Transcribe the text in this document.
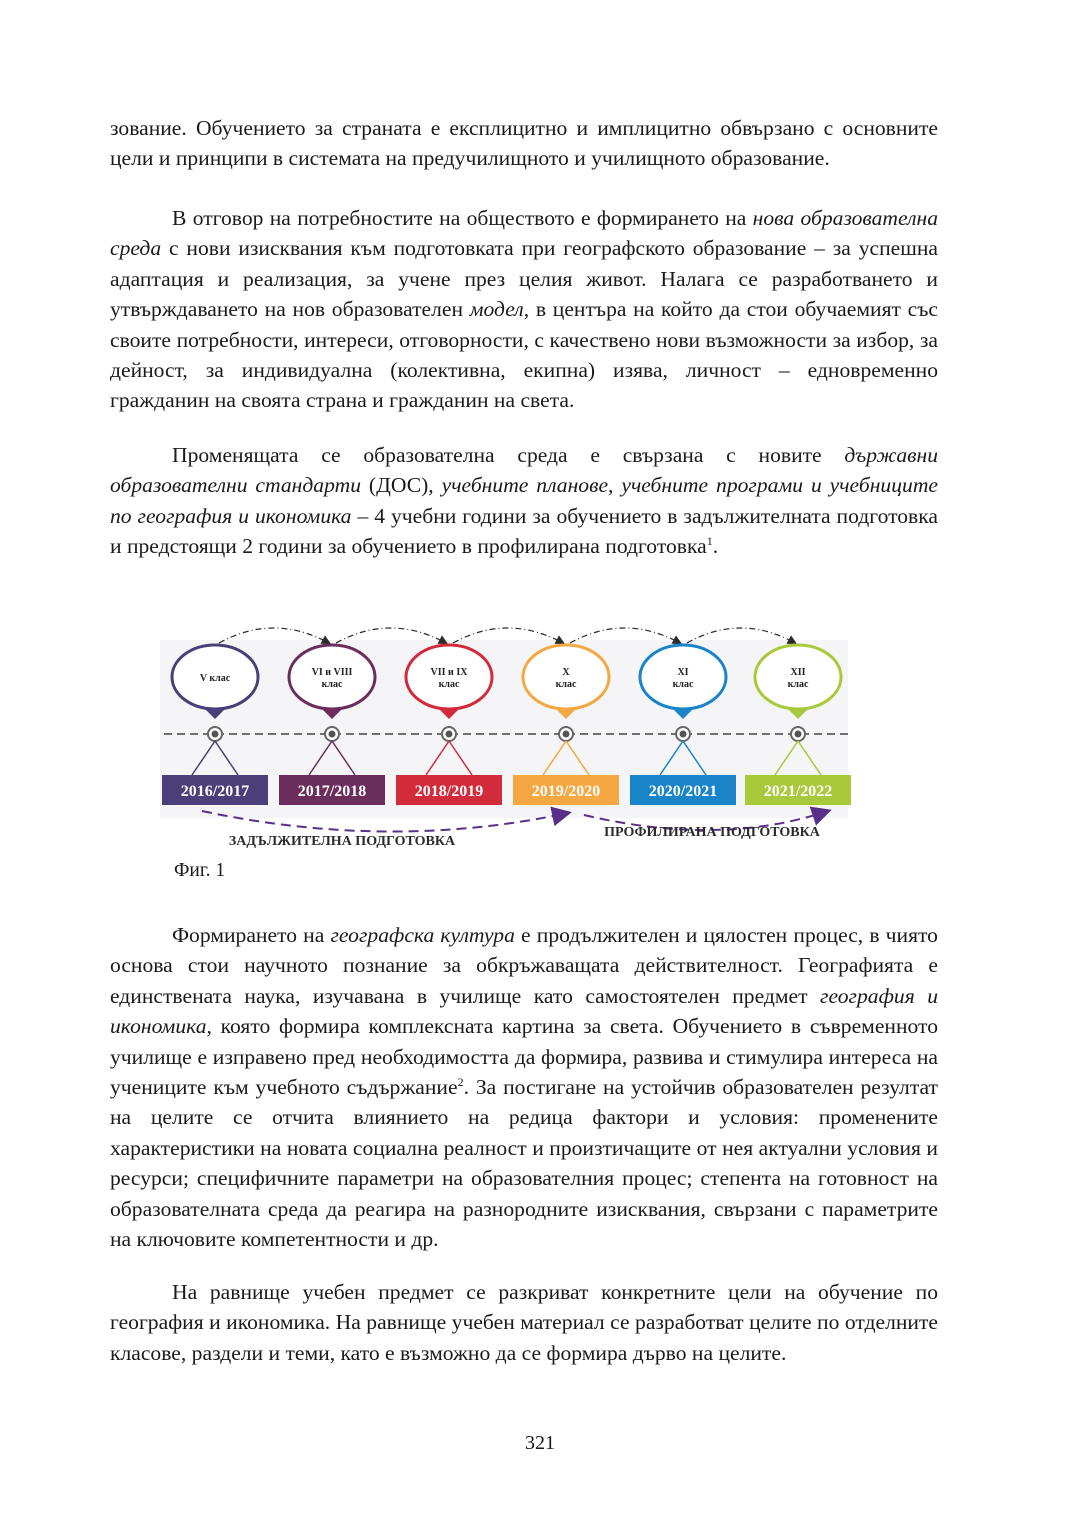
зование. Обучението за страната е експлицитно и имплицитно обвързано с основните цели и принципи в системата на предучилищното и училищното образование.

В отговор на потребностите на обществото е формирането на нова образователна среда с нови изисквания към подготовката при географското образование – за успешна адаптация и реализация, за учене през целия живот. Налага се разработването и утвърждаването на нов образователен модел, в центъра на който да стои обучаемият със своите потребности, интереси, отговорности, с качествено нови възможности за избор, за дейност, за индивидуална (колективна, екипна) изява, личност – едновременно гражданин на своята страна и гражданин на света.

Променящата се образователна среда е свързана с новите държавни образователни стандарти (ДОС), учебните планове, учебните програми и учебниците по география и икономика – 4 учебни години за обучението в задължителната подготовка и предстоящи 2 години за обучението в профилирана подготовка$^1$.

V клас
2016/2017
VI и VIII
клас
2017/2018
VII и IX
клас
2018/2019
X
клас
2019/2020
XI
клас
2020/2021
XII
клас
2021/2022
ЗАДЪЛЖИТЕЛНА ПОДГОТОВКА
ПРОФИЛИРАНА ПОДГОТОВКА
Фиг. 1

Формирането на географска култура е продължителен и цялостен процес, в чиято основа стои научното познание за обкръжаващата действителност. Географията е единствената наука, изучавана в училище като самостоятелен предмет география и икономика, която формира комплексната картина за света. Обучението в съвременното училище е изправено пред необходимостта да формира, развива и стимулира интереса на учениците към учебното съдържание$^2$. За постигане на устойчив образователен резултат на целите се отчита влиянието на редица фактори и условия: променените характеристики на новата социална реалност и произтичащите от нея актуални условия и ресурси; специфичните параметри на образователния процес; степента на готовност на образователната среда да реагира на разнородните изисквания, свързани с параметрите на ключовите компетентности и др.

На равнище учебен предмет се разкриват конкретните цели на обучение по география и икономика. На равнище учебен материал се разработват целите по отделните класове, раздели и теми, като е възможно да се формира дърво на целите.

321
